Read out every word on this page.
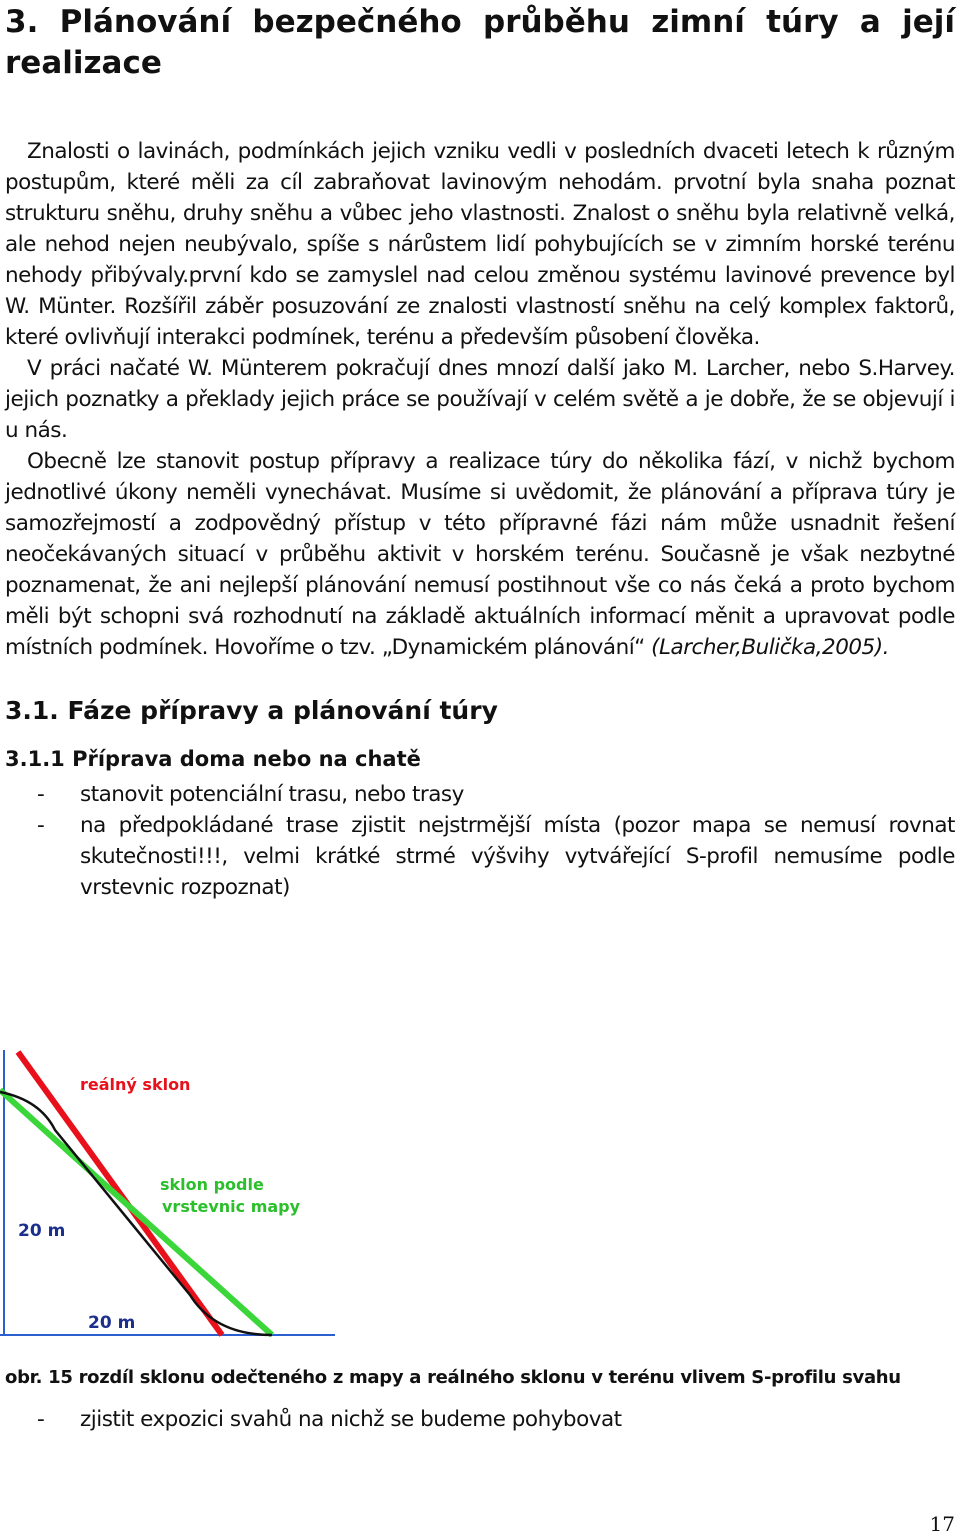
3. Plánování bezpečného průběhu zimní túry a její realizace

Znalosti o lavinách, podmínkách jejich vzniku vedli v posledních dvaceti letech k různým postupům, které měli za cíl zabraňovat lavinovým nehodám. prvotní byla snaha poznat strukturu sněhu, druhy sněhu a vůbec jeho vlastnosti. Znalost o sněhu byla relativně velká, ale nehod nejen neubývalo, spíše s nárůstem lidí pohybujících se v zimním horské terénu nehody přibývaly.první kdo se zamyslel nad celou změnou systému lavinové prevence byl W. Münter. Rozšířil záběr posuzování ze znalosti vlastností sněhu na celý komplex faktorů, které ovlivňují interakci podmínek, terénu a především působení člověka.

V práci načaté W. Münterem pokračují dnes mnozí další jako M. Larcher, nebo S.Harvey. jejich poznatky a překlady jejich práce se používají v celém světě a je dobře, že se objevují i u nás.

Obecně lze stanovit postup přípravy a realizace túry do několika fází, v nichž bychom jednotlivé úkony neměli vynechávat. Musíme si uvědomit, že plánování a příprava túry je samozřejmostí a zodpovědný přístup v této přípravné fázi nám může usnadnit řešení neočekávaných situací v průběhu aktivit v horském terénu. Současně je však nezbytné poznamenat, že ani nejlepší plánování nemusí postihnout vše co nás čeká a proto bychom měli být schopni svá rozhodnutí na základě aktuálních informací měnit a upravovat podle místních podmínek. Hovoříme o tzv. „Dynamickém plánování“ (Larcher,Bulička,2005).

3.1. Fáze přípravy a plánování túry
3.1.1 Příprava doma nebo na chatě
- stanovit potenciální trasu, nebo trasy
- na předpokládané trase zjistit nejstrmější místa (pozor mapa se nemusí rovnat skutečnosti!!!, velmi krátké strmé výšvihy vytvářející S-profil nemusíme podle vrstevnic rozpoznat)
reálný sklon
sklon podle
vrstevnic mapy
20 m
20 m
obr. 15 rozdíl sklonu odečteného z mapy a reálného sklonu v terénu vlivem S-profilu svahu
- zjistit expozici svahů na nichž se budeme pohybovat
17
